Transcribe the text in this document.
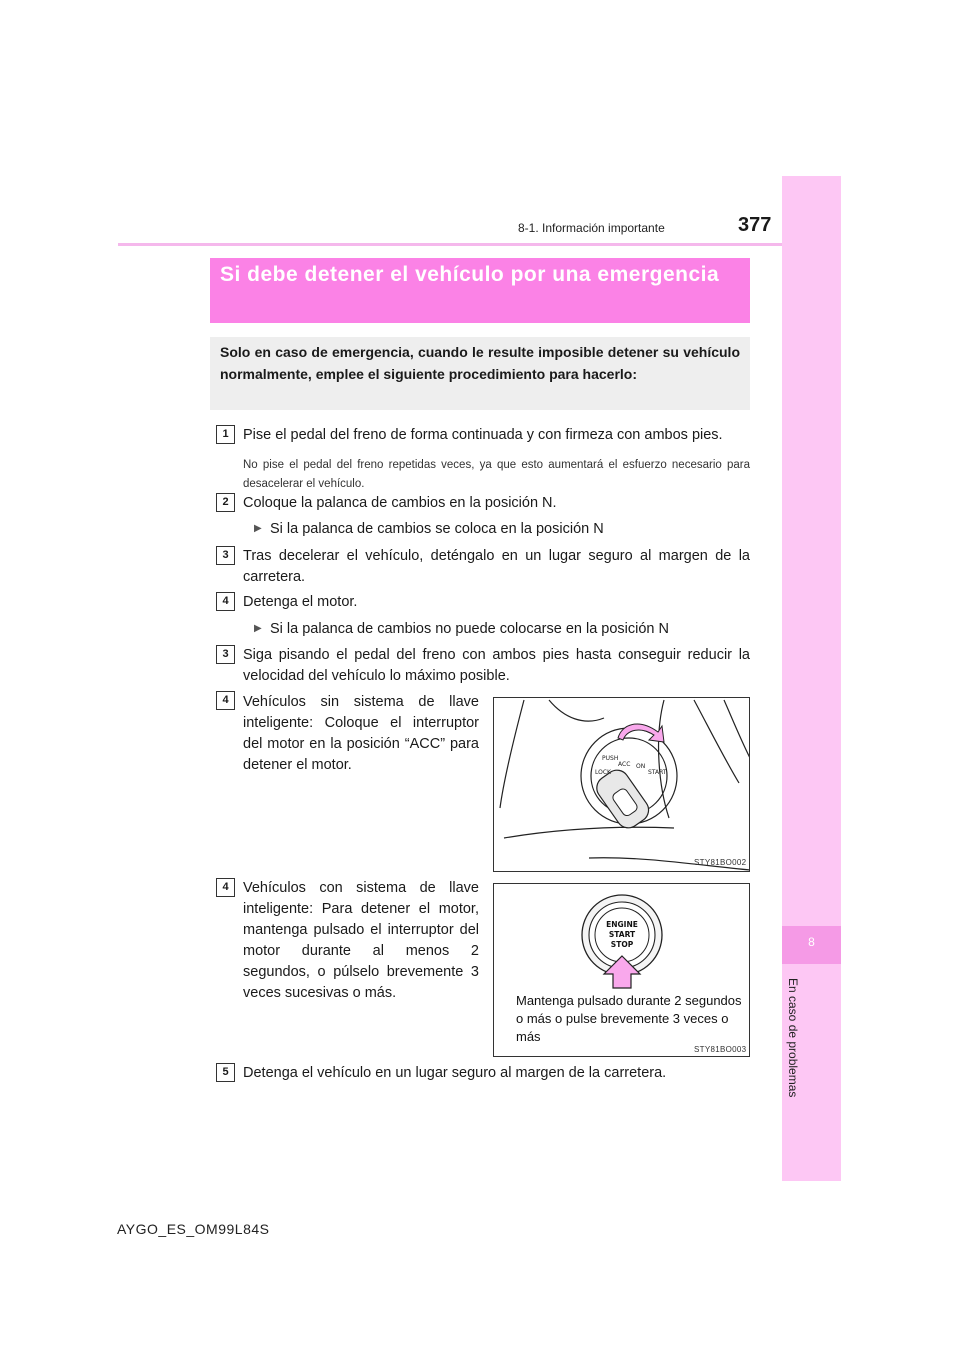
8-1. Información importante	377
8
En caso de problemas
Si debe detener el vehículo por una emergencia
Solo en caso de emergencia, cuando le resulte imposible detener su vehículo normalmente, emplee el siguiente procedimiento para hacerlo:
1 Pise el pedal del freno de forma continuada y con firmeza con ambos pies.
No pise el pedal del freno repetidas veces, ya que esto aumentará el esfuerzo necesario para desacelerar el vehículo.
2 Coloque la palanca de cambios en la posición N.
▶ Si la palanca de cambios se coloca en la posición N
3 Tras decelerar el vehículo, deténgalo en un lugar seguro al margen de la carretera.
4 Detenga el motor.
▶ Si la palanca de cambios no puede colocarse en la posición N
3 Siga pisando el pedal del freno con ambos pies hasta conseguir reducir la velocidad del vehículo lo máximo posible.
4 Vehículos sin sistema de llave inteligente: Coloque el interruptor del motor en la posición “ACC” para detener el motor.	PUSH
LOCK
ACC ON
START
STY81BO002
4 Vehículos con sistema de llave inteligente: Para detener el motor, mantenga pulsado el interruptor del motor durante al menos 2 segundos, o púlselo brevemente 3 veces sucesivas o más.
ENGINE
START
STOP
Mantenga pulsado durante 2 segundos o más o pulse brevemente 3 veces o más
STY81BO003
5 Detenga el vehículo en un lugar seguro al margen de la carretera.
AYGO_ES_OM99L84S
